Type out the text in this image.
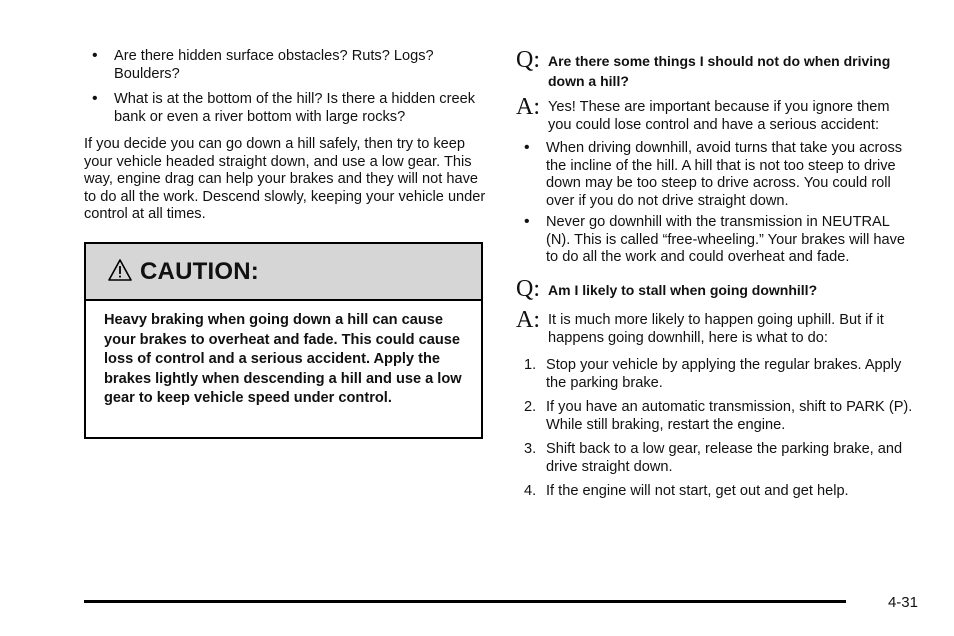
• Are there hidden surface obstacles? Ruts? Logs? Boulders?
• What is at the bottom of the hill? Is there a hidden creek bank or even a river bottom with large rocks?

If you decide you can go down a hill safely, then try to keep your vehicle headed straight down, and use a low gear. This way, engine drag can help your brakes and they will not have to do all the work. Descend slowly, keeping your vehicle under control at all times.

CAUTION:
Heavy braking when going down a hill can cause your brakes to overheat and fade. This could cause loss of control and a serious accident. Apply the brakes lightly when descending a hill and use a low gear to keep vehicle speed under control.
Q: Are there some things I should not do when driving down a hill?
A: Yes! These are important because if you ignore them you could lose control and have a serious accident:
• When driving downhill, avoid turns that take you across the incline of the hill. A hill that is not too steep to drive down may be too steep to drive across. You could roll over if you do not drive straight down.
• Never go downhill with the transmission in NEUTRAL (N). This is called “free-wheeling.” Your brakes will have to do all the work and could overheat and fade.
Q: Am I likely to stall when going downhill?
A: It is much more likely to happen going uphill. But if it happens going downhill, here is what to do:
1. Stop your vehicle by applying the regular brakes. Apply the parking brake.
2. If you have an automatic transmission, shift to PARK (P). While still braking, restart the engine.
3. Shift back to a low gear, release the parking brake, and drive straight down.
4. If the engine will not start, get out and get help.
4-31
